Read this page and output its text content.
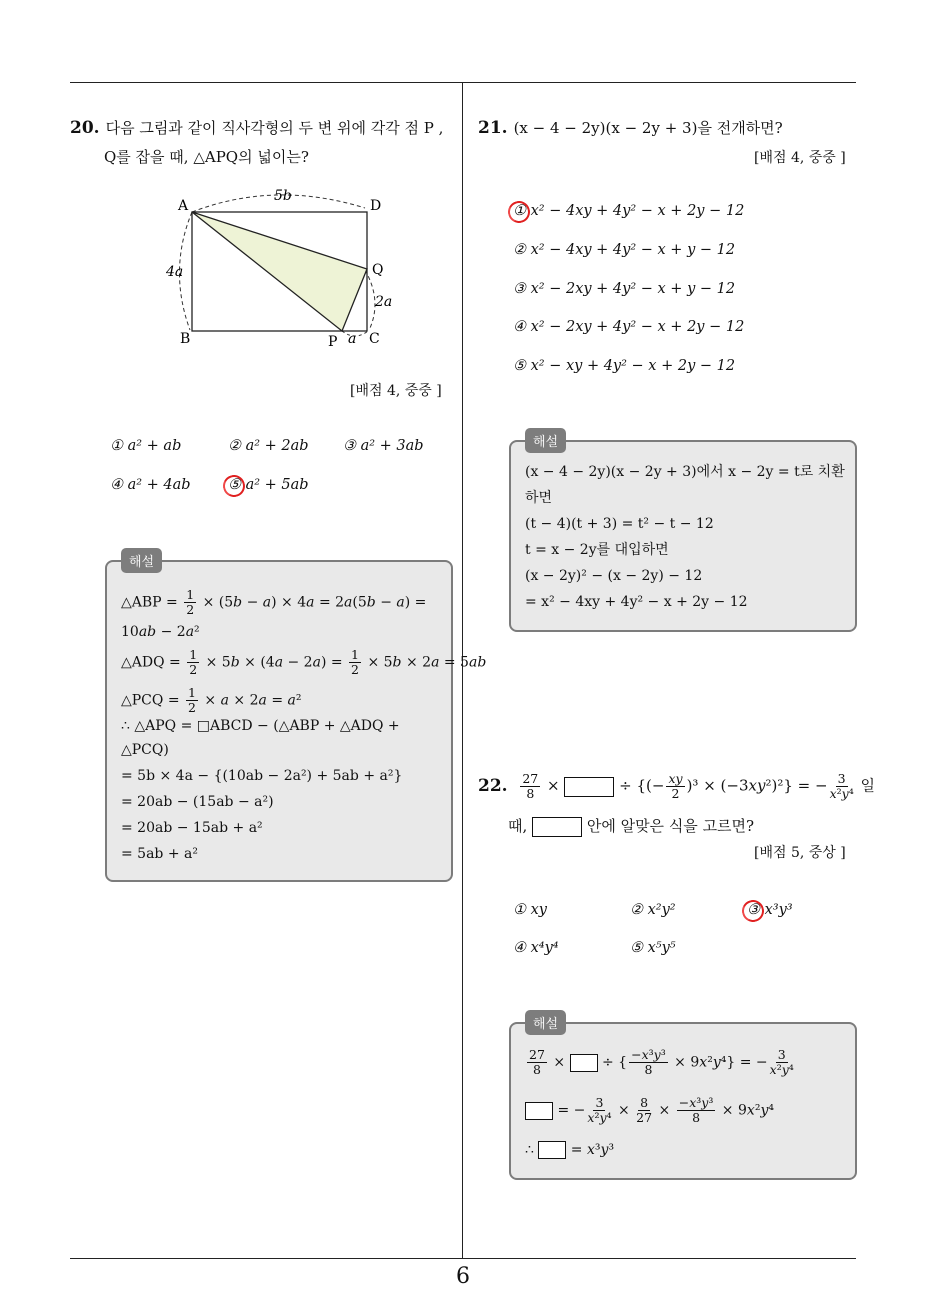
6
20. 다음 그림과 같이 직사각형의 두 변 위에 각각 점 P ,
Q를 잡을 때, △APQ의 넓이는?
A	D
B	C
P
Q
5b
4a
2a
a
[배점 4, 중중 ]
① a² + ab	② a² + 2ab ③ a² + 3ab
④ a² + 4ab	⑤ a² + 5ab
해설
△ABP = $\frac{1}{2} \times (5b - a) \times 4a = 2a(5b - a)$ =
10ab − 2a²
△ADQ = $\frac{1}{2} \times 5b \times (4a - 2a) = \frac{1}{2} \times 5b \times 2a = 5ab$
△PCQ = $\frac{1}{2} \times a \times 2a = a^2$
∴ △APQ = □ABCD − (△ABP + △ADQ +
△PCQ)
= 5b × 4a − {(10ab − 2a²) + 5ab + a²}
= 20ab − (15ab − a²)
= 20ab − 15ab + a²
= 5ab + a²
21. (x − 4 − 2y)(x − 2y + 3)을 전개하면?
[배점 4, 중중 ]
① x² − 4xy + 4y² − x + 2y − 12
② x² − 4xy + 4y² − x + y − 12
③ x² − 2xy + 4y² − x + y − 12
④ x² − 2xy + 4y² − x + 2y − 12
⑤ x² − xy + 4y² − x + 2y − 12
해설
(x − 4 − 2y)(x − 2y + 3)에서 x − 2y = t로 치환
하면
(t − 4)(t + 3) = t² − t − 12
t = x − 2y를 대입하면
(x − 2y)² − (x − 2y) − 12
= x² − 4xy + 4y² − x + 2y − 12
22. $\frac{27}{8}$ ×	÷ {(− $\frac{xy}{2} )^3 \times (-3xy^2)^2$} = − $\frac{3}{\text{x²y⁴}}$ 일
때,	안에 알맞은 식을 고르면?
[배점 5, 중상 ]
① xy	② x²y²	③ x³y³
④ x⁴y⁴	⑤ x⁵y⁵
해설
$\frac{27}{8}$ ×  ÷ { $\frac{\text{−x³y³}}{8} \times 9x^2y^4$} = − $\frac{3}{\text{x²y⁴}}$
= − $\frac{3}{\text{x²y⁴}} \times \frac{8}{27} \times \frac{\text{−x³y³}}{8} \times 9x^2y^4$
∴  = x³y³
